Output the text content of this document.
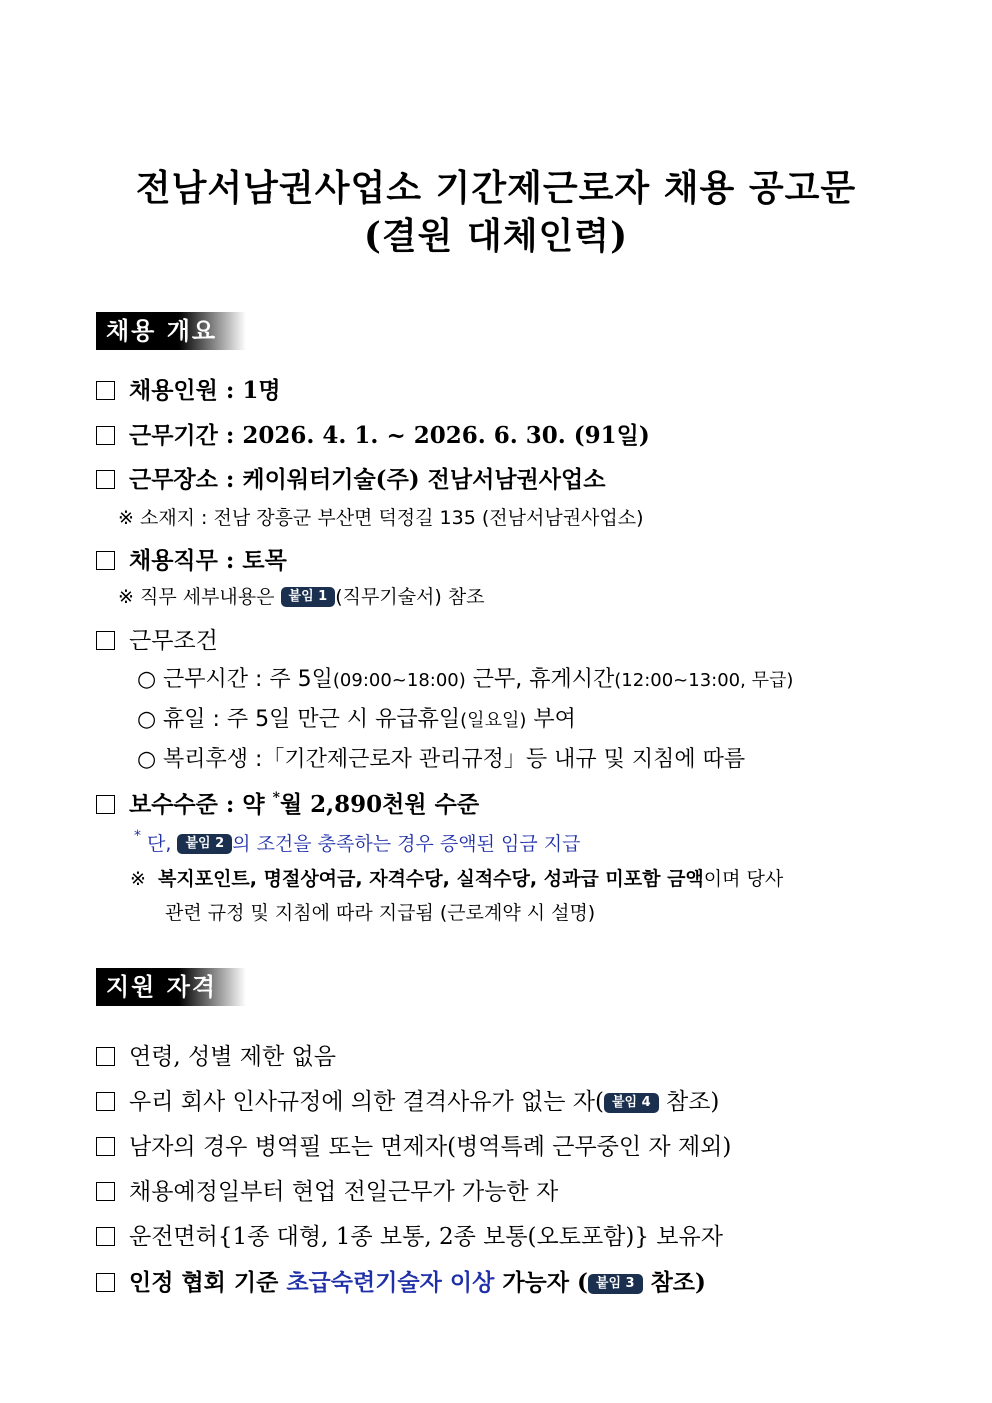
전남서남권사업소 기간제근로자 채용 공고문
(결원 대체인력)
채용 개요
채용인원 : 1명
근무기간 : 2026. 4. 1. ~ 2026. 6. 30. (91일)
근무장소 : 케이워터기술(주) 전남서남권사업소
※ 소재지 : 전남 장흥군 부산면 덕정길 135 (전남서남권사업소)
채용직무 : 토목
※ 직무 세부내용은 붙임 1 (직무기술서) 참조
근무조건
○ 근무시간 : 주 5일(09:00~18:00) 근무, 휴게시간(12:00~13:00, 무급)
○ 휴일 : 주 5일 만근 시 유급휴일(일요일) 부여
○ 복리후생 :「기간제근로자 관리규정」등 내규 및 지침에 따름
보수수준 : 약 *월 2,890천원 수준
* 단, 붙임 2 의 조건을 충족하는 경우 증액된 임금 지급
※ 복지포인트, 명절상여금, 자격수당, 실적수당, 성과급 미포함 금액이며 당사
관련 규정 및 지침에 따라 지급됨 (근로계약 시 설명)
지원 자격
연령, 성별 제한 없음
우리 회사 인사규정에 의한 결격사유가 없는 자( 붙임 4 참조)
남자의 경우 병역필 또는 면제자(병역특례 근무중인 자 제외)
채용예정일부터 현업 전일근무가 가능한 자
운전면허{1종 대형, 1종 보통, 2종 보통(오토포함)} 보유자
인정 협회 기준 초급숙련기술자 이상 가능자 ( 붙임 3 참조)
